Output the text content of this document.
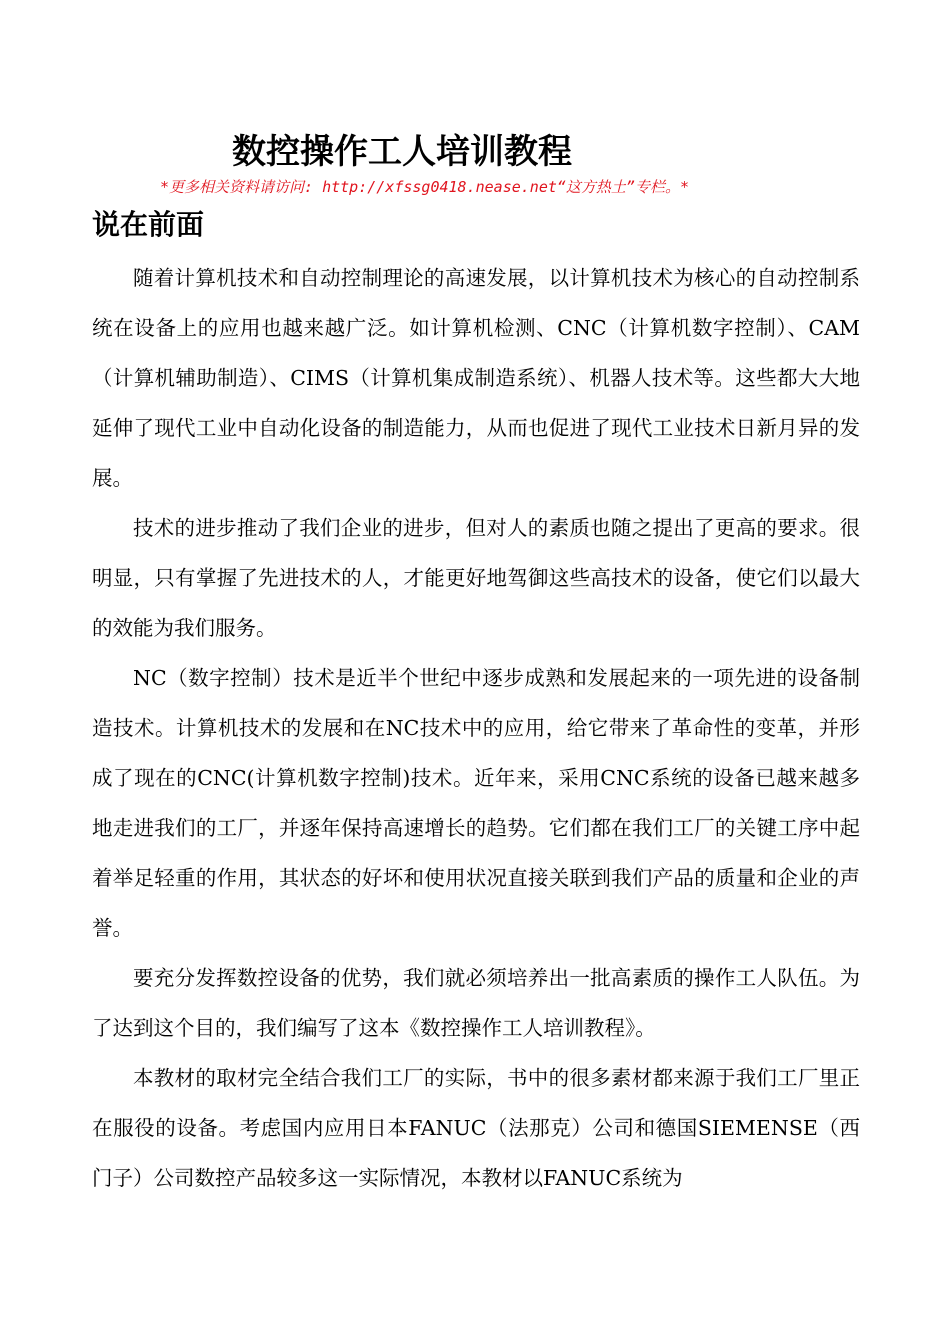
数控操作工人培训教程
*更多相关资料请访问: http://xfssg0418.nease.net“这方热土”专栏。*
说在前面

随着计算机技术和自动控制理论的高速发展，以计算机技术为核心的自动控制系统在设备上的应用也越来越广泛。如计算机检测、CNC（计算机数字控制）、CAM（计算机辅助制造）、CIMS（计算机集成制造系统）、机器人技术等。这些都大大地延伸了现代工业中自动化设备的制造能力，从而也促进了现代工业技术日新月异的发展。

技术的进步推动了我们企业的进步，但对人的素质也随之提出了更高的要求。很明显，只有掌握了先进技术的人，才能更好地驾御这些高技术的设备，使它们以最大的效能为我们服务。

NC（数字控制）技术是近半个世纪中逐步成熟和发展起来的一项先进的设备制造技术。计算机技术的发展和在NC技术中的应用，给它带来了革命性的变革，并形成了现在的CNC(计算机数字控制)技术。近年来，采用CNC系统的设备已越来越多地走进我们的工厂，并逐年保持高速增长的趋势。它们都在我们工厂的关键工序中起着举足轻重的作用，其状态的好坏和使用状况直接关联到我们产品的质量和企业的声誉。

要充分发挥数控设备的优势，我们就必须培养出一批高素质的操作工人队伍。为了达到这个目的，我们编写了这本《数控操作工人培训教程》。

本教材的取材完全结合我们工厂的实际，书中的很多素材都来源于我们工厂里正在服役的设备。考虑国内应用日本FANUC（法那克）公司和德国SIEMENSE（西门子）公司数控产品较多这一实际情况，本教材以FANUC系统为
